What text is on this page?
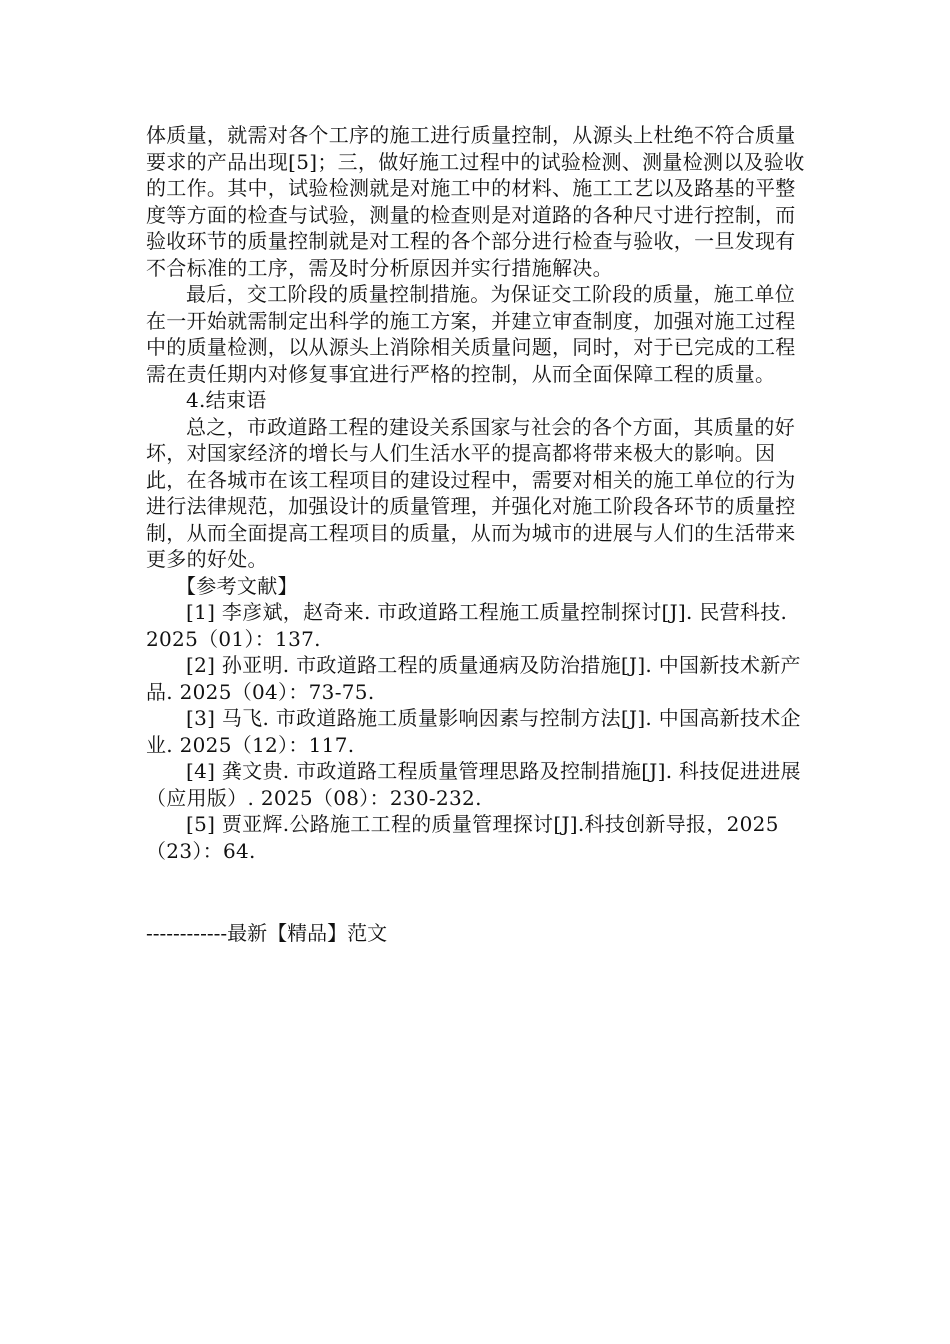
体质量，就需对各个工序的施工进行质量控制，从源头上杜绝不符合质量要求的产品出现[5]；三，做好施工过程中的试验检测、测量检测以及验收的工作。其中，试验检测就是对施工中的材料、施工工艺以及路基的平整度等方面的检查与试验，测量的检查则是对道路的各种尺寸进行控制，而验收环节的质量控制就是对工程的各个部分进行检查与验收，一旦发现有不合标准的工序，需及时分析原因并实行措施解决。

最后，交工阶段的质量控制措施。为保证交工阶段的质量，施工单位在一开始就需制定出科学的施工方案，并建立审查制度，加强对施工过程中的质量检测，以从源头上消除相关质量问题，同时，对于已完成的工程需在责任期内对修复事宜进行严格的控制，从而全面保障工程的质量。

4.结束语

总之，市政道路工程的建设关系国家与社会的各个方面，其质量的好坏，对国家经济的增长与人们生活水平的提高都将带来极大的影响。因此，在各城市在该工程项目的建设过程中，需要对相关的施工单位的行为进行法律规范，加强设计的质量管理，并强化对施工阶段各环节的质量控制，从而全面提高工程项目的质量，从而为城市的进展与人们的生活带来更多的好处。

【参考文献】

[1] 李彦斌，赵奇来. 市政道路工程施工质量控制探讨[J]. 民营科技. 2025（01）：137.

[2] 孙亚明. 市政道路工程的质量通病及防治措施[J]. 中国新技术新产品. 2025（04）：73-75.

[3] 马飞. 市政道路施工质量影响因素与控制方法[J]. 中国高新技术企业. 2025（12）：117.

[4] 龚文贵. 市政道路工程质量管理思路及控制措施[J]. 科技促进进展（应用版）. 2025（08）：230-232.

[5] 贾亚辉.公路施工工程的质量管理探讨[J].科技创新导报，2025（23）：64.

------------最新【精品】范文
